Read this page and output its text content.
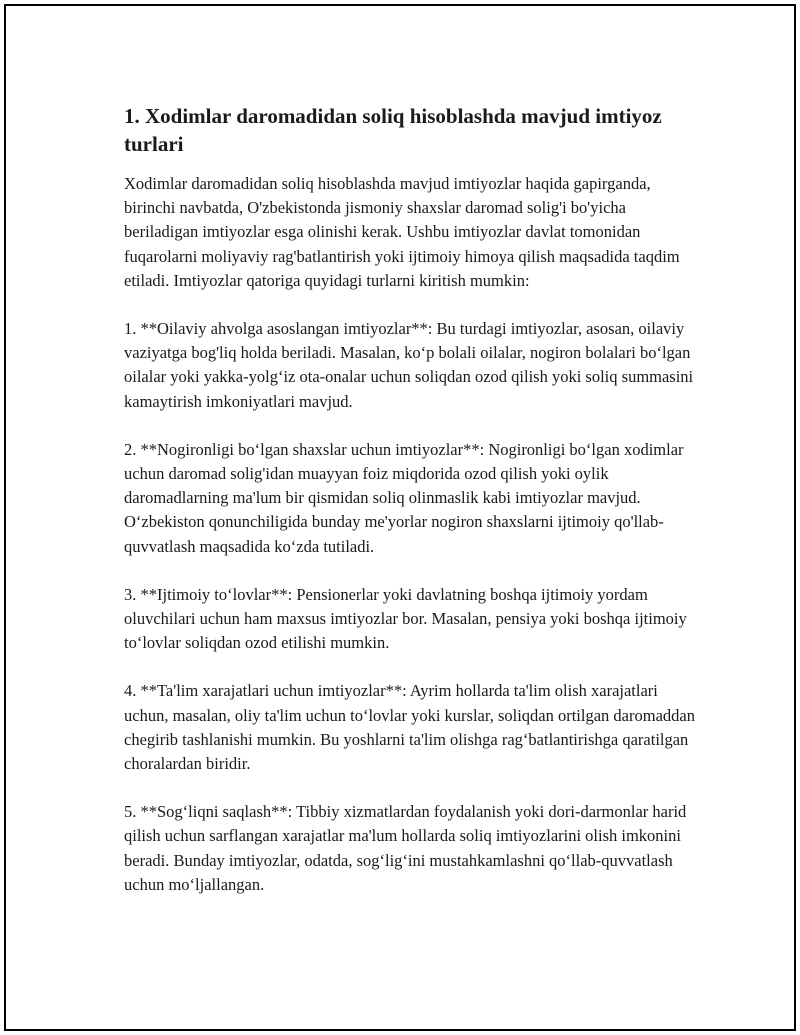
1. Xodimlar daromadidan soliq hisoblashda mavjud imtiyoz turlari

Xodimlar daromadidan soliq hisoblashda mavjud imtiyozlar haqida gapirganda, birinchi navbatda, O'zbekistonda jismoniy shaxslar daromad solig'i bo'yicha beriladigan imtiyozlar esga olinishi kerak. Ushbu imtiyozlar davlat tomonidan fuqarolarni moliyaviy rag'batlantirish yoki ijtimoiy himoya qilish maqsadida taqdim etiladi. Imtiyozlar qatoriga quyidagi turlarni kiritish mumkin:

1. **Oilaviy ahvolga asoslangan imtiyozlar**: Bu turdagi imtiyozlar, asosan, oilaviy vaziyatga bog'liq holda beriladi. Masalan, koʻp bolali oilalar, nogiron bolalari boʻlgan oilalar yoki yakka-yolgʻiz ota-onalar uchun soliqdan ozod qilish yoki soliq summasini kamaytirish imkoniyatlari mavjud.

2. **Nogironligi boʻlgan shaxslar uchun imtiyozlar**: Nogironligi boʻlgan xodimlar uchun daromad solig'idan muayyan foiz miqdorida ozod qilish yoki oylik daromadlarning ma'lum bir qismidan soliq olinmaslik kabi imtiyozlar mavjud. Oʻzbekiston qonunchiligida bunday me'yorlar nogiron shaxslarni ijtimoiy qo'llab-quvvatlash maqsadida koʻzda tutiladi.

3. **Ijtimoiy toʻlovlar**: Pensionerlar yoki davlatning boshqa ijtimoiy yordam oluvchilari uchun ham maxsus imtiyozlar bor. Masalan, pensiya yoki boshqa ijtimoiy toʻlovlar soliqdan ozod etilishi mumkin.

4. **Ta'lim xarajatlari uchun imtiyozlar**: Ayrim hollarda ta'lim olish xarajatlari uchun, masalan, oliy ta'lim uchun toʻlovlar yoki kurslar, soliqdan ortilgan daromaddan chegirib tashlanishi mumkin. Bu yoshlarni ta'lim olishga ragʻbatlantirishga qaratilgan choralardan biridir.

5. **Sogʻliqni saqlash**: Tibbiy xizmatlardan foydalanish yoki dori-darmonlar harid qilish uchun sarflangan xarajatlar ma'lum hollarda soliq imtiyozlarini olish imkonini beradi. Bunday imtiyozlar, odatda, sogʻligʻini mustahkamlashni qoʻllab-quvvatlash uchun moʻljallangan.
